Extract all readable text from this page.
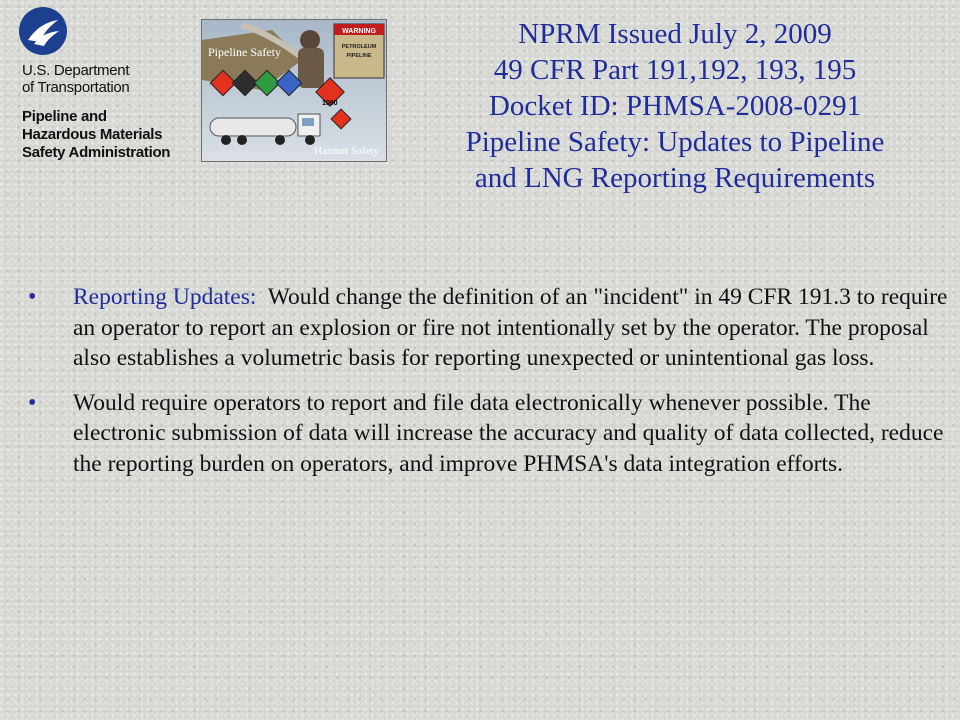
U.S. Department
of Transportation
Pipeline and
Hazardous Materials
Safety Administration
WARNING
PETROLEUM
PIPELINE
Pipeline Safety
1090
Hazmat Safety
NPRM Issued July 2, 2009
49 CFR Part 191,192, 193, 195
Docket ID: PHMSA-2008-0291
Pipeline Safety: Updates to Pipeline
and LNG Reporting Requirements
• Reporting Updates:  Would change the definition of an "incident" in 49 CFR 191.3 to require an operator to report an explosion or fire not intentionally set by the operator. The proposal also establishes a volumetric basis for reporting unexpected or unintentional gas loss.
• Would require operators to report and file data electronically whenever possible. The electronic submission of data will increase the accuracy and quality of data collected, reduce the reporting burden on operators, and improve PHMSA's data integration efforts.
